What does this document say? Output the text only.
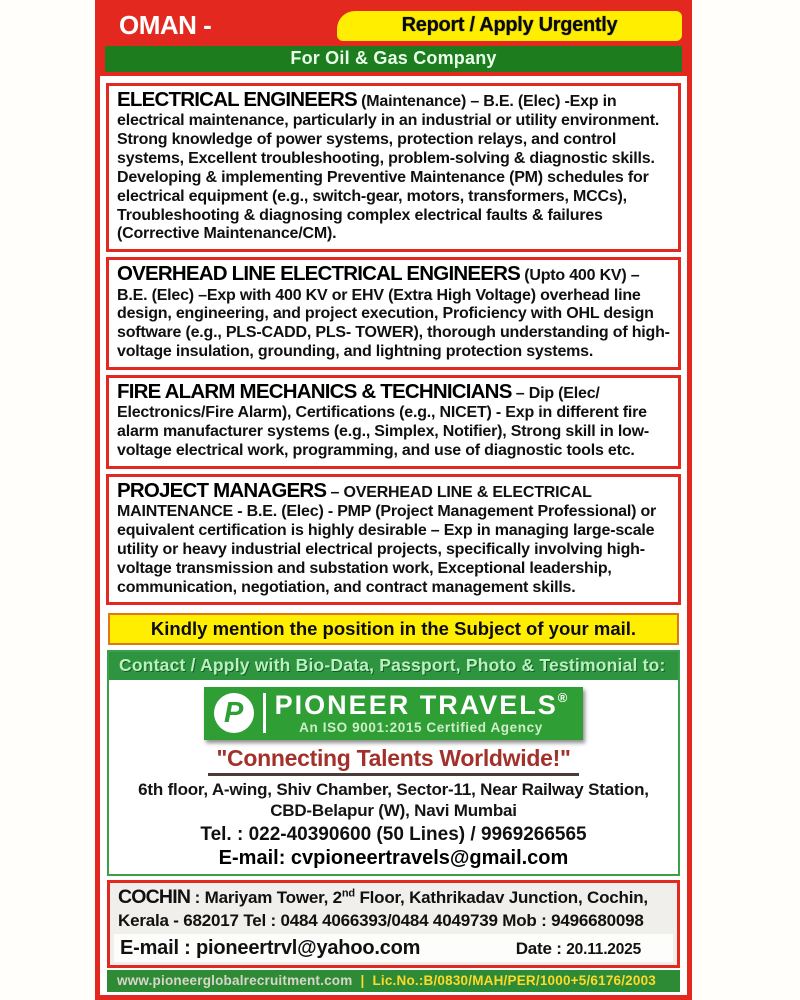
OMAN -	Report / Apply Urgently
For Oil & Gas Company

ELECTRICAL ENGINEERS (Maintenance) – B.E. (Elec) -Exp in electrical maintenance, particularly in an industrial or utility environment. Strong knowledge of power systems, protection relays, and control systems, Excellent troubleshooting, problem-solving & diagnostic skills. Developing & implementing Preventive Maintenance (PM) schedules for electrical equipment (e.g., switch-gear, motors, transformers, MCCs), Troubleshooting & diagnosing complex electrical faults & failures (Corrective Maintenance/CM).

OVERHEAD LINE ELECTRICAL ENGINEERS (Upto 400 KV) – B.E. (Elec) –Exp with 400 KV or EHV (Extra High Voltage) overhead line design, engineering, and project execution, Proficiency with OHL design software (e.g., PLS-CADD, PLS- TOWER), thorough understanding of high-voltage insulation, grounding, and lightning protection systems.

FIRE ALARM MECHANICS & TECHNICIANS – Dip (Elec/ Electronics/Fire Alarm), Certifications (e.g., NICET) - Exp in different fire alarm manufacturer systems (e.g., Simplex, Notifier), Strong skill in low-voltage electrical work, programming, and use of diagnostic tools etc.

PROJECT MANAGERS – OVERHEAD LINE & ELECTRICAL MAINTENANCE - B.E. (Elec) - PMP (Project Management Professional) or equivalent certification is highly desirable – Exp in managing large-scale utility or heavy industrial electrical projects, specifically involving high-voltage transmission and substation work, Exceptional leadership, communication, negotiation, and contract management skills.

Kindly mention the position in the Subject of your mail.
Contact / Apply with Bio-Data, Passport, Photo & Testimonial to:
P	PIONEER TRAVELS®
An ISO 9001:2015 Certified Agency
"Connecting Talents Worldwide!"
6th floor, A-wing, Shiv Chamber, Sector-11, Near Railway Station,
CBD-Belapur (W), Navi Mumbai
Tel. : 022-40390600 (50 Lines) / 9969266565
E-mail: cvpioneertravels@gmail.com
COCHIN : Mariyam Tower, 2nd Floor, Kathrikadav Junction, Cochin,
Kerala - 682017 Tel : 0484 4066393/0484 4049739 Mob : 9496680098
E-mail : pioneertrvl@yahoo.com	Date : 20.11.2025
www.pioneerglobalrecruitment.com | Lic.No.:B/0830/MAH/PER/1000+5/6176/2003
